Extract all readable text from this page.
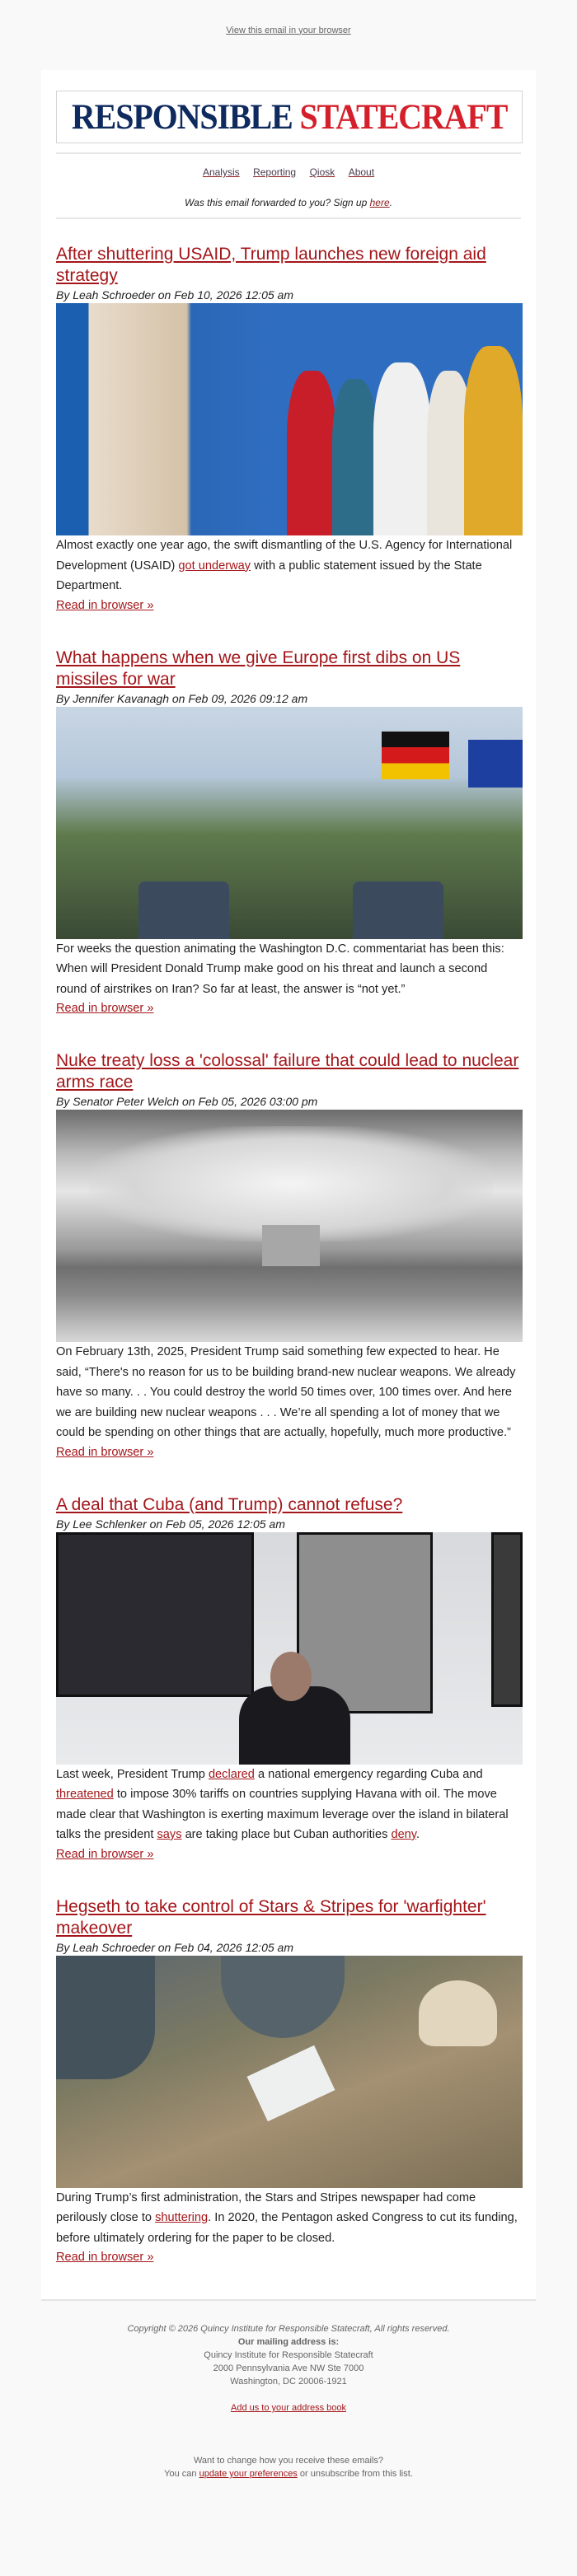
View this email in your browser
RESPONSIBLE STATECRAFT
Analysis Reporting Qiosk About
Was this email forwarded to you? Sign up here.
After shuttering USAID, Trump launches new foreign aid strategy
By Leah Schroeder on Feb 10, 2026 12:05 am
Almost exactly one year ago, the swift dismantling of the U.S. Agency for International Development (USAID) got underway with a public statement issued by the State Department.
Read in browser »
What happens when we give Europe first dibs on US missiles for war
By Jennifer Kavanagh on Feb 09, 2026 09:12 am
For weeks the question animating the Washington D.C. commentariat has been this: When will President Donald Trump make good on his threat and launch a second round of airstrikes on Iran? So far at least, the answer is “not yet.”
Read in browser »
Nuke treaty loss a 'colossal' failure that could lead to nuclear arms race
By Senator Peter Welch on Feb 05, 2026 03:00 pm
On February 13th, 2025, President Trump said something few expected to hear. He said, “There's no reason for us to be building brand-new nuclear weapons. We already have so many. . . You could destroy the world 50 times over, 100 times over. And here we are building new nuclear weapons . . . We’re all spending a lot of money that we could be spending on other things that are actually, hopefully, much more productive.”
Read in browser »
A deal that Cuba (and Trump) cannot refuse?
By Lee Schlenker on Feb 05, 2026 12:05 am
Last week, President Trump declared a national emergency regarding Cuba and threatened to impose 30% tariffs on countries supplying Havana with oil. The move made clear that Washington is exerting maximum leverage over the island in bilateral talks the president says are taking place but Cuban authorities deny.
Read in browser »
Hegseth to take control of Stars & Stripes for 'warfighter' makeover
By Leah Schroeder on Feb 04, 2026 12:05 am
During Trump’s first administration, the Stars and Stripes newspaper had come perilously close to shuttering. In 2020, the Pentagon asked Congress to cut its funding, before ultimately ordering for the paper to be closed.
Read in browser »
Copyright © 2026 Quincy Institute for Responsible Statecraft, All rights reserved.
Our mailing address is:
Quincy Institute for Responsible Statecraft
2000 Pennsylvania Ave NW Ste 7000
Washington, DC 20006-1921
Add us to your address book
Want to change how you receive these emails?
You can update your preferences or unsubscribe from this list.
